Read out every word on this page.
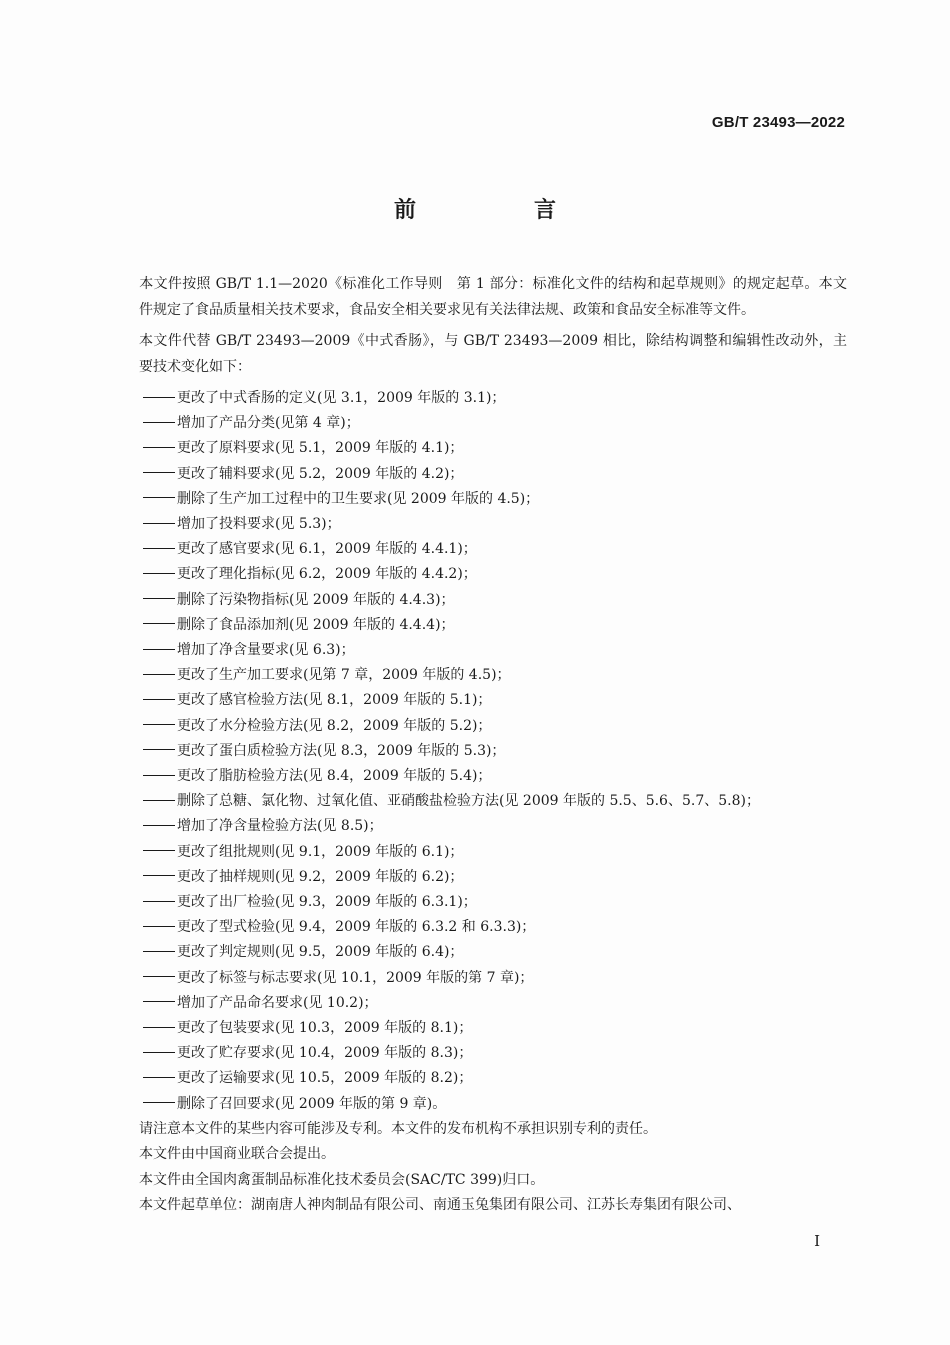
GB/T 23493—2022
前　言

本文件按照 GB/T 1.1—2020《标准化工作导则　第 1 部分：标准化文件的结构和起草规则》的规定起草。本文件规定了食品质量相关技术要求，食品安全相关要求见有关法律法规、政策和食品安全标准等文件。

本文件代替 GB/T 23493—2009《中式香肠》，与 GB/T 23493—2009 相比，除结构调整和编辑性改动外，主要技术变化如下：

更改了中式香肠的定义(见 3.1，2009 年版的 3.1)；
增加了产品分类(见第 4 章)；
更改了原料要求(见 5.1，2009 年版的 4.1)；
更改了辅料要求(见 5.2，2009 年版的 4.2)；
删除了生产加工过程中的卫生要求(见 2009 年版的 4.5)；
增加了投料要求(见 5.3)；
更改了感官要求(见 6.1，2009 年版的 4.4.1)；
更改了理化指标(见 6.2，2009 年版的 4.4.2)；
删除了污染物指标(见 2009 年版的 4.4.3)；
删除了食品添加剂(见 2009 年版的 4.4.4)；
增加了净含量要求(见 6.3)；
更改了生产加工要求(见第 7 章，2009 年版的 4.5)；
更改了感官检验方法(见 8.1，2009 年版的 5.1)；
更改了水分检验方法(见 8.2，2009 年版的 5.2)；
更改了蛋白质检验方法(见 8.3，2009 年版的 5.3)；
更改了脂肪检验方法(见 8.4，2009 年版的 5.4)；
删除了总糖、氯化物、过氧化值、亚硝酸盐检验方法(见 2009 年版的 5.5、5.6、5.7、5.8)；
增加了净含量检验方法(见 8.5)；
更改了组批规则(见 9.1，2009 年版的 6.1)；
更改了抽样规则(见 9.2，2009 年版的 6.2)；
更改了出厂检验(见 9.3，2009 年版的 6.3.1)；
更改了型式检验(见 9.4，2009 年版的 6.3.2 和 6.3.3)；
更改了判定规则(见 9.5，2009 年版的 6.4)；
更改了标签与标志要求(见 10.1，2009 年版的第 7 章)；
增加了产品命名要求(见 10.2)；
更改了包装要求(见 10.3，2009 年版的 8.1)；
更改了贮存要求(见 10.4，2009 年版的 8.3)；
更改了运输要求(见 10.5，2009 年版的 8.2)；
删除了召回要求(见 2009 年版的第 9 章)。

请注意本文件的某些内容可能涉及专利。本文件的发布机构不承担识别专利的责任。

本文件由中国商业联合会提出。

本文件由全国肉禽蛋制品标准化技术委员会(SAC/TC 399)归口。

本文件起草单位：湖南唐人神肉制品有限公司、南通玉兔集团有限公司、江苏长寿集团有限公司、

I
